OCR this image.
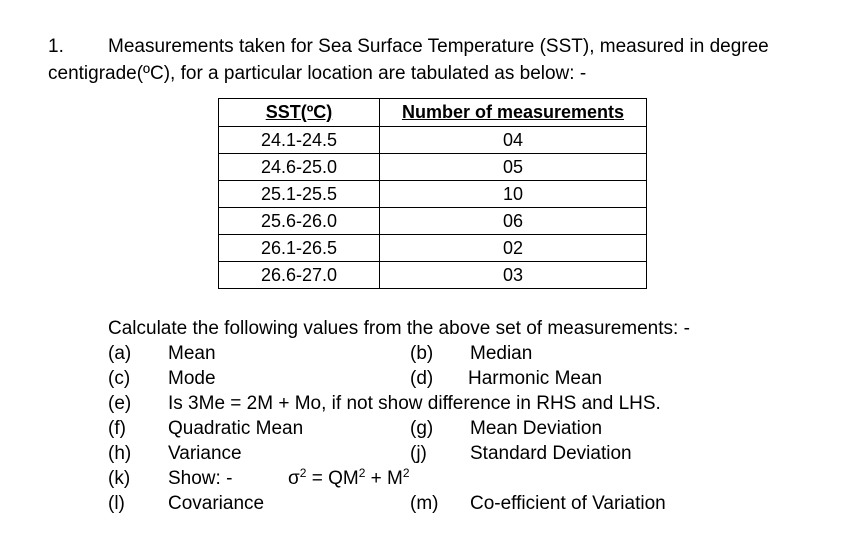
1. Measurements taken for Sea Surface Temperature (SST), measured in degree
centigrade(ºC), for a particular location are tabulated as below: -
SST(ºC)	Number of measurements
24.1-24.5	04
24.6-25.0	05
25.1-25.5	10
25.6-26.0	06
26.1-26.5	02
26.6-27.0	03
Calculate the following values from the above set of measurements: -
(a) Mean	(b) Median
(c) Mode	(d) Harmonic Mean
(e) Is 3Me = 2M + Mo, if not show difference in RHS and LHS.
(f) Quadratic Mean	(g) Mean Deviation
(h) Variance	(j) Standard Deviation
(k) Show: -	$\sigma^2 = QM^2 + M^2$
(l) Covariance	(m) Co-efficient of Variation
